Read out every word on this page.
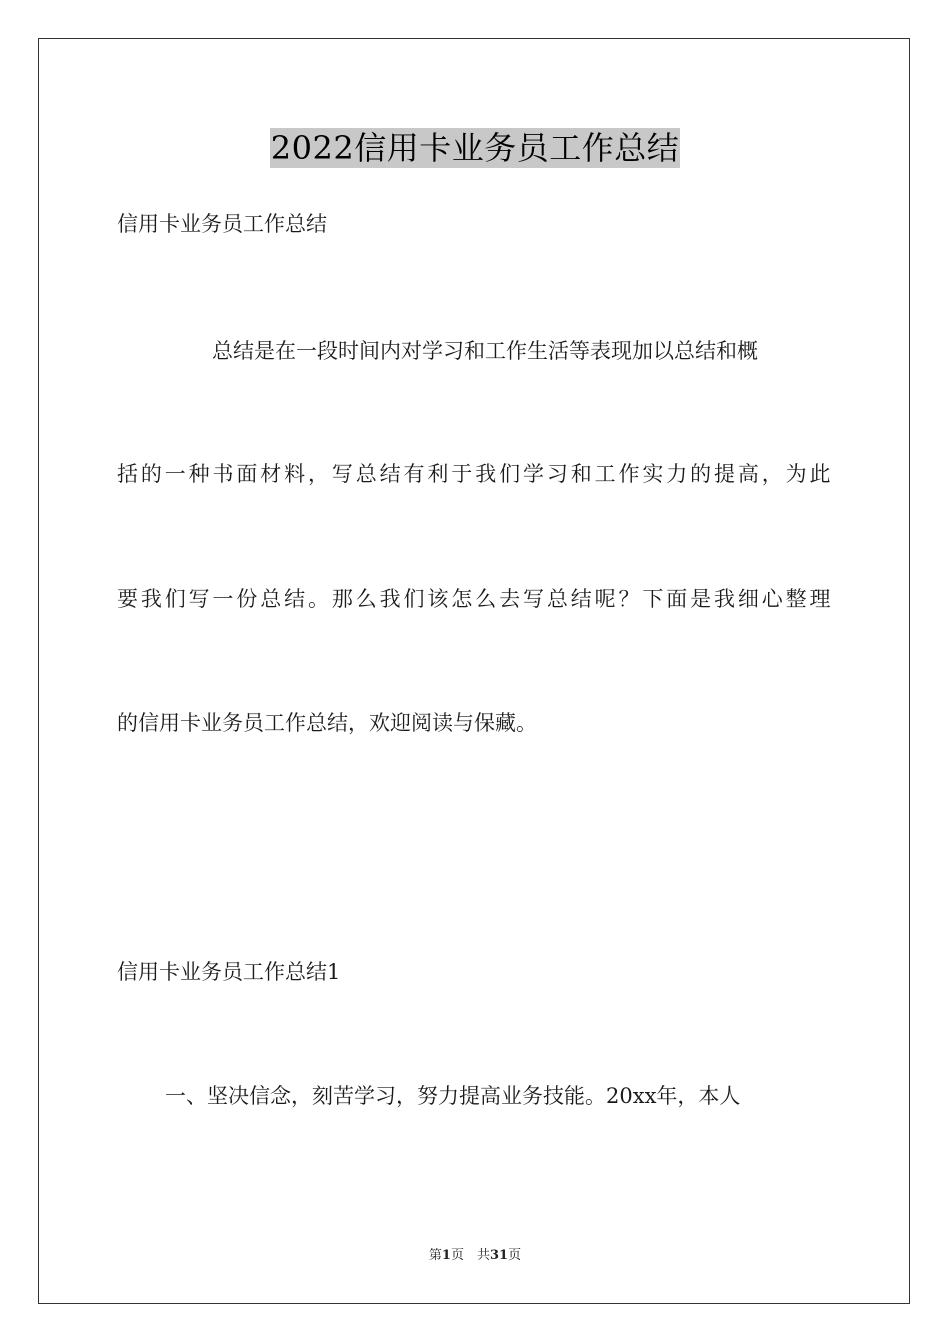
2022信用卡业务员工作总结
信用卡业务员工作总结
总结是在一段时间内对学习和工作生活等表现加以总结和概
括的一种书面材料，写总结有利于我们学习和工作实力的提高，为此
要我们写一份总结。那么我们该怎么去写总结呢？下面是我细心整理
的信用卡业务员工作总结，欢迎阅读与保藏。
信用卡业务员工作总结1
一、坚决信念，刻苦学习，努力提高业务技能。20xx年，本人
第1页　共31页
